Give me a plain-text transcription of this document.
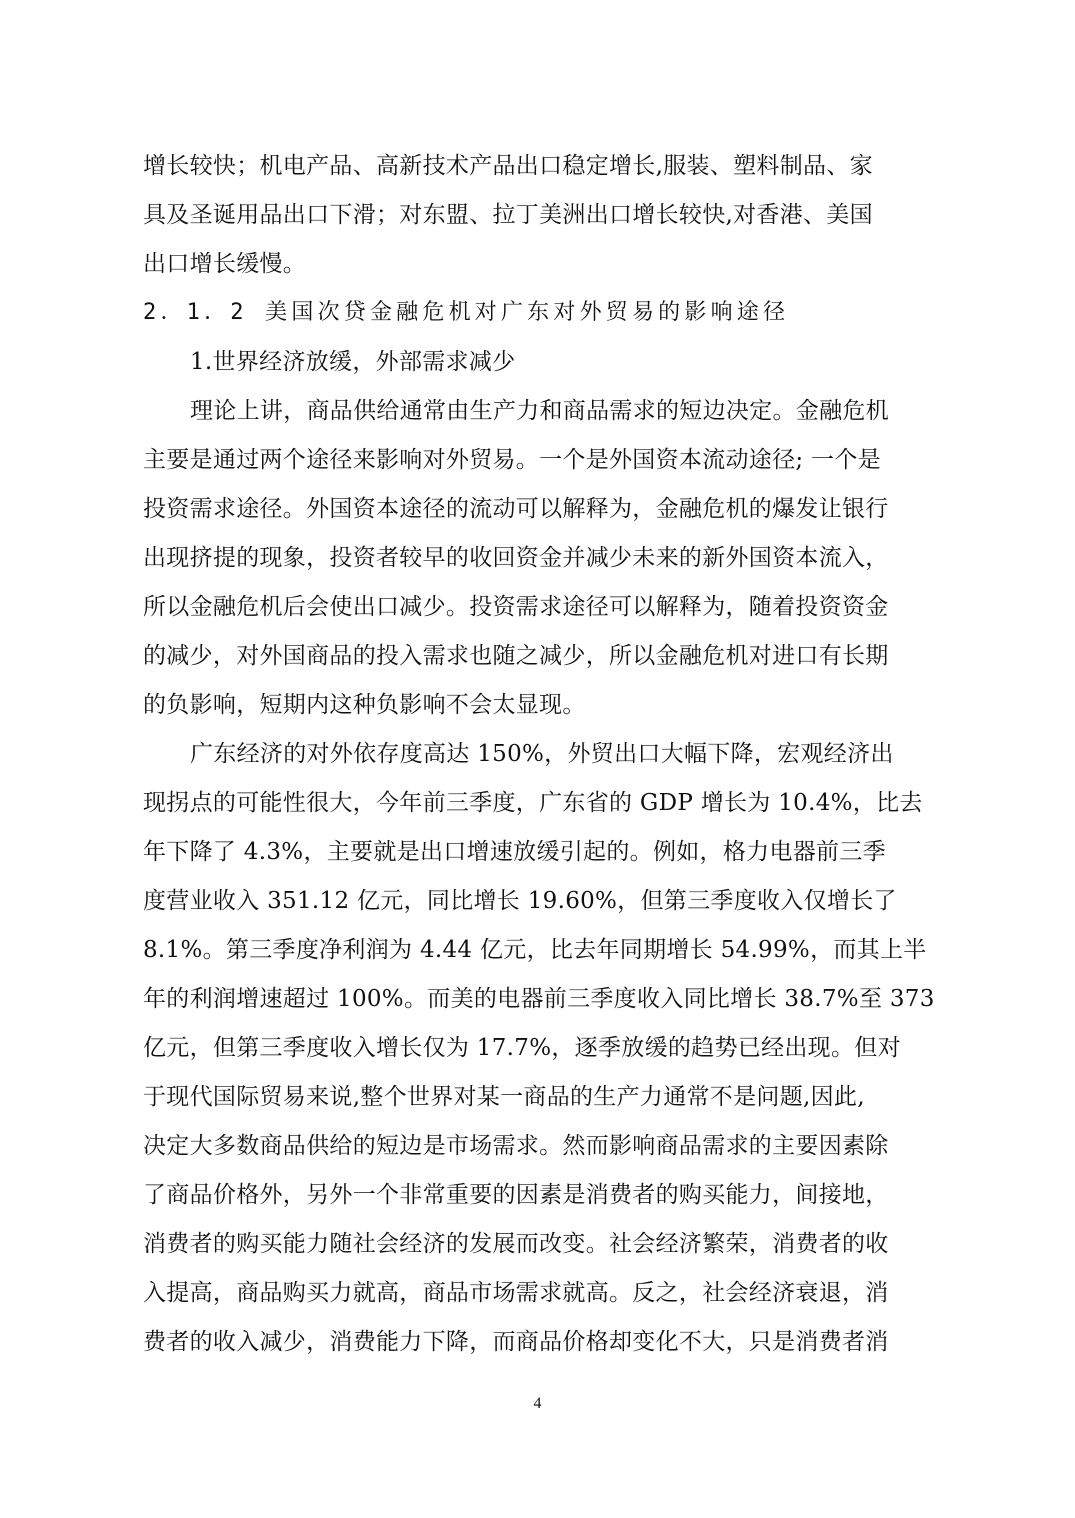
增长较快；机电产品、高新技术产品出口稳定增长,服装、塑料制品、家
具及圣诞用品出口下滑；对东盟、拉丁美洲出口增长较快,对香港、美国
出口增长缓慢。
2．1．2 美国次贷金融危机对广东对外贸易的影响途径
1.世界经济放缓，外部需求减少
理论上讲，商品供给通常由生产力和商品需求的短边决定。金融危机
主要是通过两个途径来影响对外贸易。一个是外国资本流动途径; 一个是
投资需求途径。外国资本途径的流动可以解释为，金融危机的爆发让银行
出现挤提的现象，投资者较早的收回资金并减少未来的新外国资本流入，
所以金融危机后会使出口减少。投资需求途径可以解释为，随着投资资金
的减少，对外国商品的投入需求也随之减少，所以金融危机对进口有长期
的负影响，短期内这种负影响不会太显现。
广东经济的对外依存度高达 150%，外贸出口大幅下降，宏观经济出
现拐点的可能性很大，今年前三季度，广东省的 GDP 增长为 10.4%，比去
年下降了 4.3%，主要就是出口增速放缓引起的。例如，格力电器前三季
度营业收入 351.12 亿元，同比增长 19.60%，但第三季度收入仅增长了
8.1%。第三季度净利润为 4.44 亿元，比去年同期增长 54.99%，而其上半
年的利润增速超过 100%。而美的电器前三季度收入同比增长 38.7%至 373
亿元，但第三季度收入增长仅为 17.7%，逐季放缓的趋势已经出现。但对
于现代国际贸易来说,整个世界对某一商品的生产力通常不是问题,因此,
决定大多数商品供给的短边是市场需求。然而影响商品需求的主要因素除
了商品价格外，另外一个非常重要的因素是消费者的购买能力，间接地，
消费者的购买能力随社会经济的发展而改变。社会经济繁荣，消费者的收
入提高，商品购买力就高，商品市场需求就高。反之，社会经济衰退，消
费者的收入减少，消费能力下降，而商品价格却变化不大，只是消费者消
4
